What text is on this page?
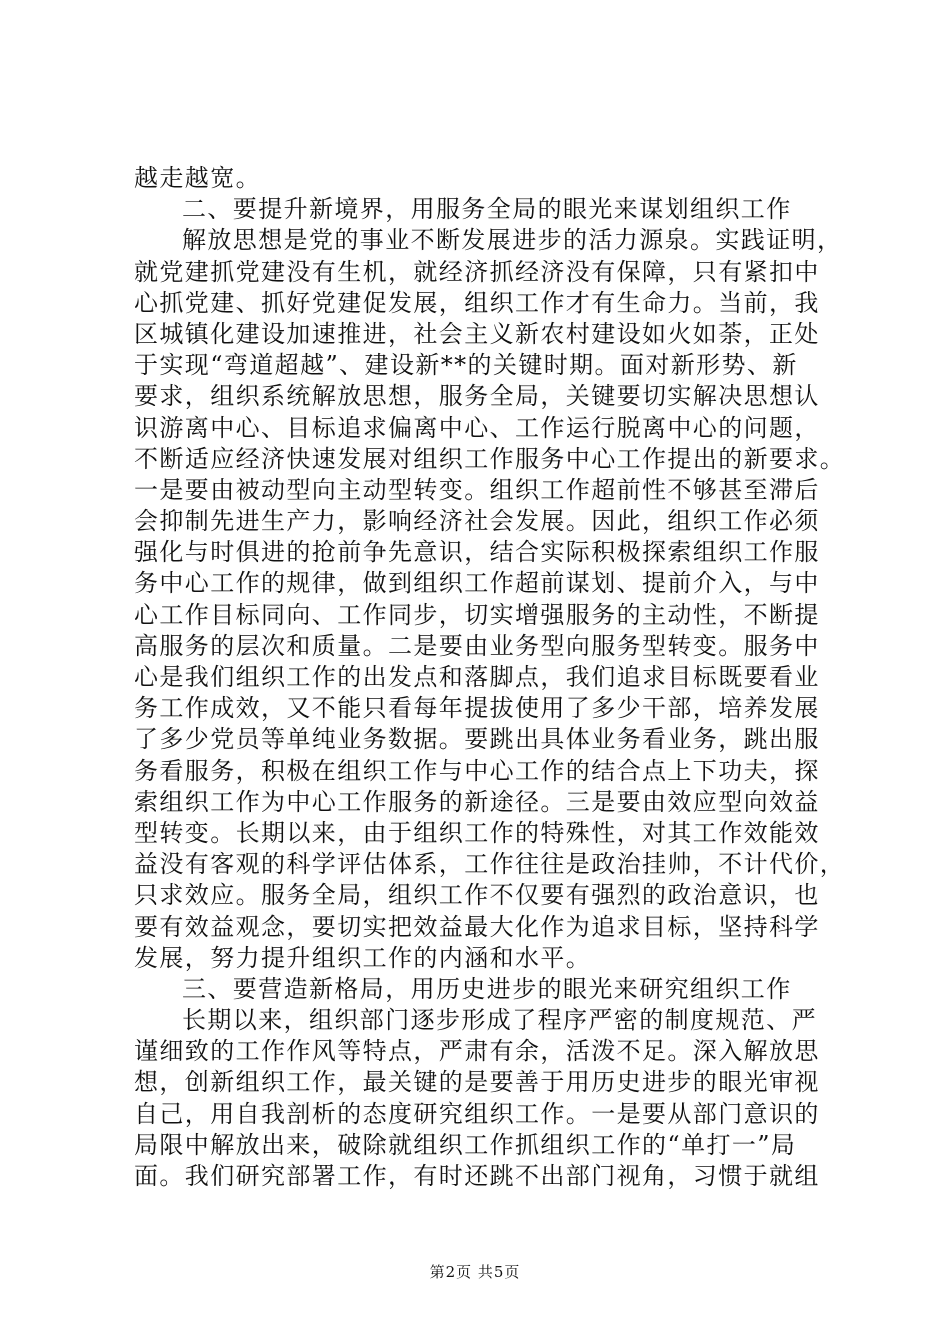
越走越宽。
二、要提升新境界，用服务全局的眼光来谋划组织工作
解放思想是党的事业不断发展进步的活力源泉。实践证明，
就党建抓党建没有生机，就经济抓经济没有保障，只有紧扣中
心抓党建、抓好党建促发展，组织工作才有生命力。当前，我
区城镇化建设加速推进，社会主义新农村建设如火如荼，正处
于实现“弯道超越”、建设新**的关键时期。面对新形势、新
要求，组织系统解放思想，服务全局，关键要切实解决思想认
识游离中心、目标追求偏离中心、工作运行脱离中心的问题，
不断适应经济快速发展对组织工作服务中心工作提出的新要求。
一是要由被动型向主动型转变。组织工作超前性不够甚至滞后
会抑制先进生产力，影响经济社会发展。因此，组织工作必须
强化与时俱进的抢前争先意识，结合实际积极探索组织工作服
务中心工作的规律，做到组织工作超前谋划、提前介入，与中
心工作目标同向、工作同步，切实增强服务的主动性，不断提
高服务的层次和质量。二是要由业务型向服务型转变。服务中
心是我们组织工作的出发点和落脚点，我们追求目标既要看业
务工作成效，又不能只看每年提拔使用了多少干部，培养发展
了多少党员等单纯业务数据。要跳出具体业务看业务，跳出服
务看服务，积极在组织工作与中心工作的结合点上下功夫，探
索组织工作为中心工作服务的新途径。三是要由效应型向效益
型转变。长期以来，由于组织工作的特殊性，对其工作效能效
益没有客观的科学评估体系，工作往往是政治挂帅，不计代价，
只求效应。服务全局，组织工作不仅要有强烈的政治意识，也
要有效益观念，要切实把效益最大化作为追求目标，坚持科学
发展，努力提升组织工作的内涵和水平。
三、要营造新格局，用历史进步的眼光来研究组织工作
长期以来，组织部门逐步形成了程序严密的制度规范、严
谨细致的工作作风等特点，严肃有余，活泼不足。深入解放思
想，创新组织工作，最关键的是要善于用历史进步的眼光审视
自己，用自我剖析的态度研究组织工作。一是要从部门意识的
局限中解放出来，破除就组织工作抓组织工作的“单打一”局
面。我们研究部署工作，有时还跳不出部门视角，习惯于就组
第2页 共5页
